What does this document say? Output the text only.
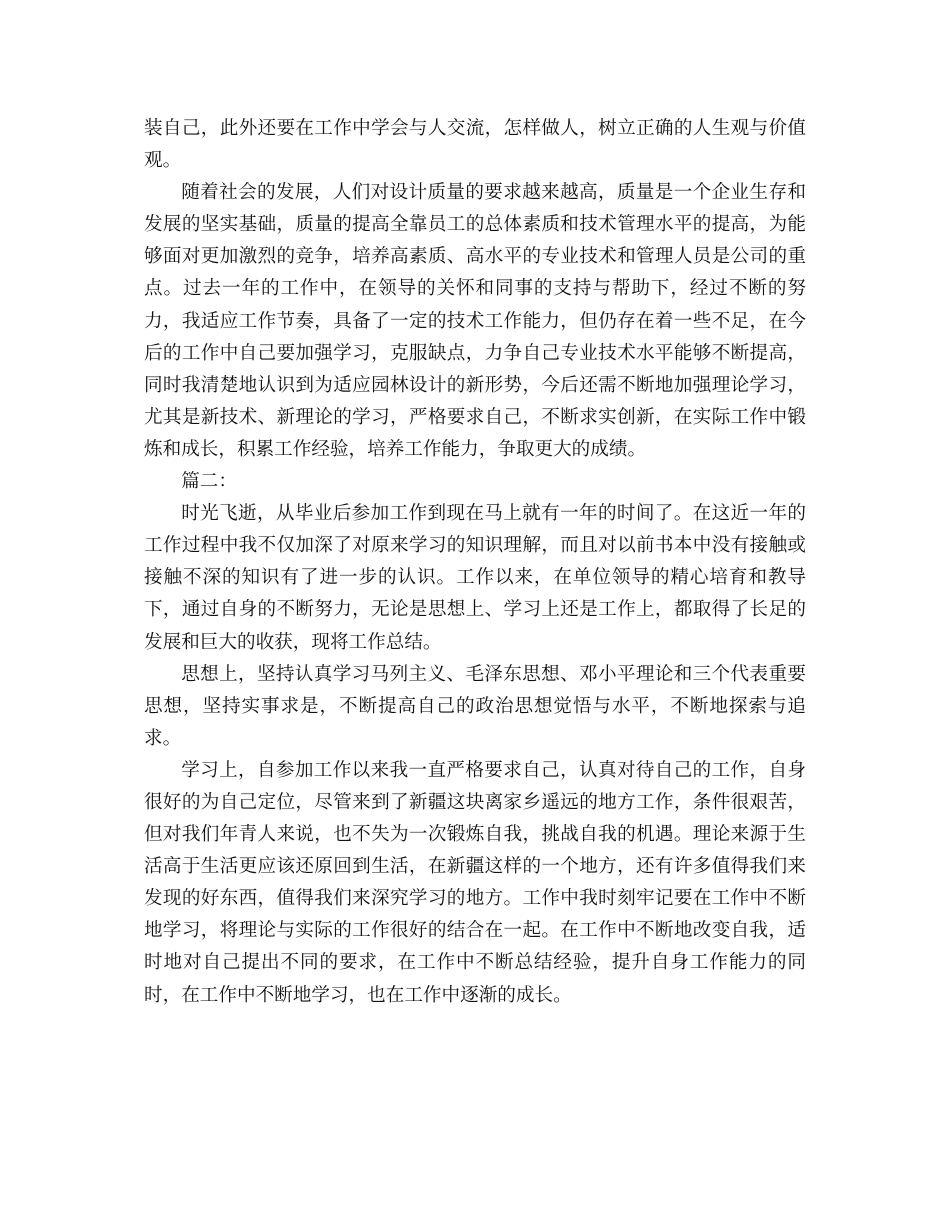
装自己，此外还要在工作中学会与人交流，怎样做人，树立正确的人生观与价值观。

随着社会的发展，人们对设计质量的要求越来越高，质量是一个企业生存和发展的坚实基础，质量的提高全靠员工的总体素质和技术管理水平的提高，为能够面对更加激烈的竞争，培养高素质、高水平的专业技术和管理人员是公司的重点。过去一年的工作中，在领导的关怀和同事的支持与帮助下，经过不断的努力，我适应工作节奏，具备了一定的技术工作能力，但仍存在着一些不足，在今后的工作中自己要加强学习，克服缺点，力争自己专业技术水平能够不断提高，同时我清楚地认识到为适应园林设计的新形势，今后还需不断地加强理论学习，尤其是新技术、新理论的学习，严格要求自己，不断求实创新，在实际工作中锻炼和成长，积累工作经验，培养工作能力，争取更大的成绩。

篇二：

时光飞逝，从毕业后参加工作到现在马上就有一年的时间了。在这近一年的工作过程中我不仅加深了对原来学习的知识理解，而且对以前书本中没有接触或接触不深的知识有了进一步的认识。工作以来，在单位领导的精心培育和教导下，通过自身的不断努力，无论是思想上、学习上还是工作上，都取得了长足的发展和巨大的收获，现将工作总结。

思想上，坚持认真学习马列主义、毛泽东思想、邓小平理论和三个代表重要思想，坚持实事求是，不断提高自己的政治思想觉悟与水平，不断地探索与追求。

学习上，自参加工作以来我一直严格要求自己，认真对待自己的工作，自身很好的为自己定位，尽管来到了新疆这块离家乡遥远的地方工作，条件很艰苦，但对我们年青人来说，也不失为一次锻炼自我，挑战自我的机遇。理论来源于生活高于生活更应该还原回到生活，在新疆这样的一个地方，还有许多值得我们来发现的好东西，值得我们来深究学习的地方。工作中我时刻牢记要在工作中不断地学习，将理论与实际的工作很好的结合在一起。在工作中不断地改变自我，适时地对自己提出不同的要求，在工作中不断总结经验，提升自身工作能力的同时，在工作中不断地学习，也在工作中逐渐的成长。
